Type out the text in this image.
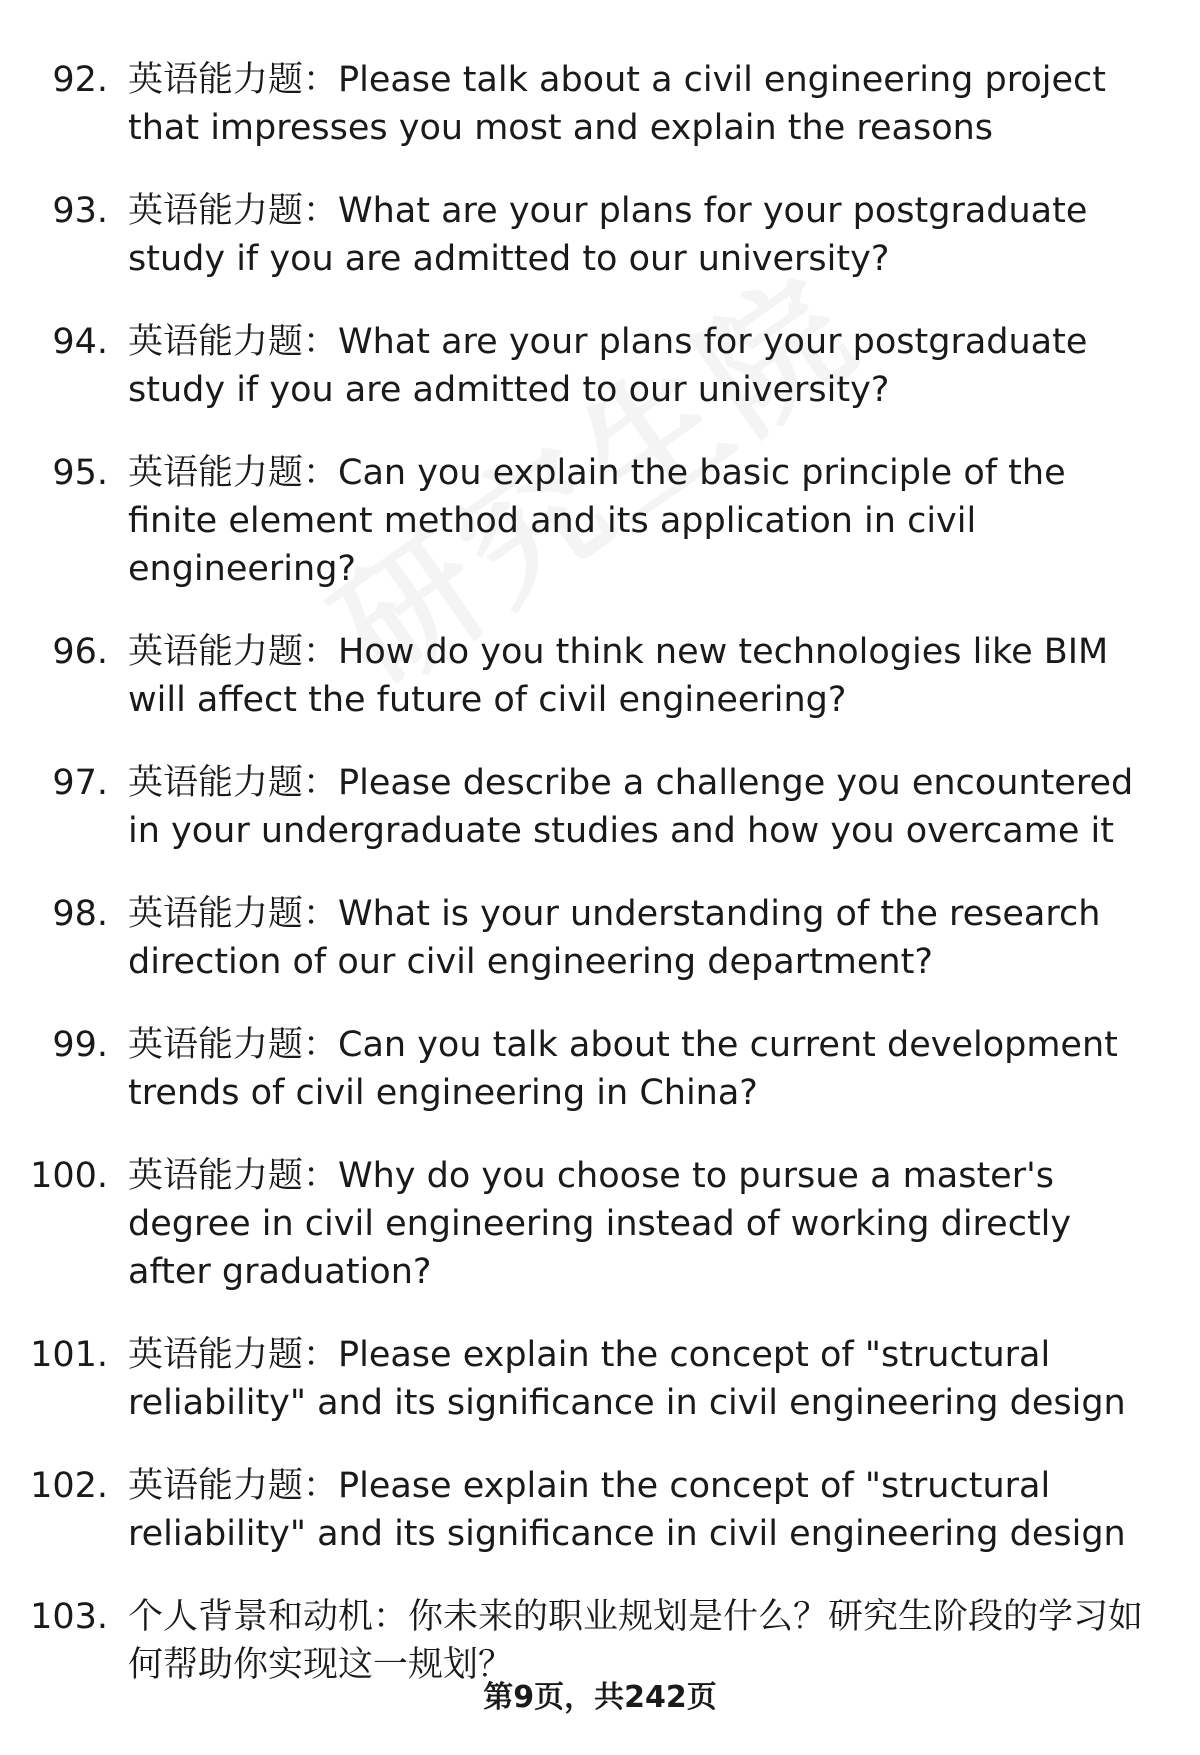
92. 英语能力题：Please talk about a civil engineering project that impresses you most and explain the reasons
93. 英语能力题：What are your plans for your postgraduate study if you are admitted to our university?
94. 英语能力题：What are your plans for your postgraduate study if you are admitted to our university?
95. 英语能力题：Can you explain the basic principle of the finite element method and its application in civil engineering?
96. 英语能力题：How do you think new technologies like BIM will affect the future of civil engineering?
97. 英语能力题：Please describe a challenge you encountered in your undergraduate studies and how you overcame it
98. 英语能力题：What is your understanding of the research direction of our civil engineering department?
99. 英语能力题：Can you talk about the current development trends of civil engineering in China?
100. 英语能力题：Why do you choose to pursue a master's degree in civil engineering instead of working directly after graduation?
101. 英语能力题：Please explain the concept of "structural reliability" and its significance in civil engineering design
102. 英语能力题：Please explain the concept of "structural reliability" and its significance in civil engineering design
103. 个人背景和动机：你未来的职业规划是什么？研究生阶段的学习如何帮助你实现这一规划？
第9页，共242页
